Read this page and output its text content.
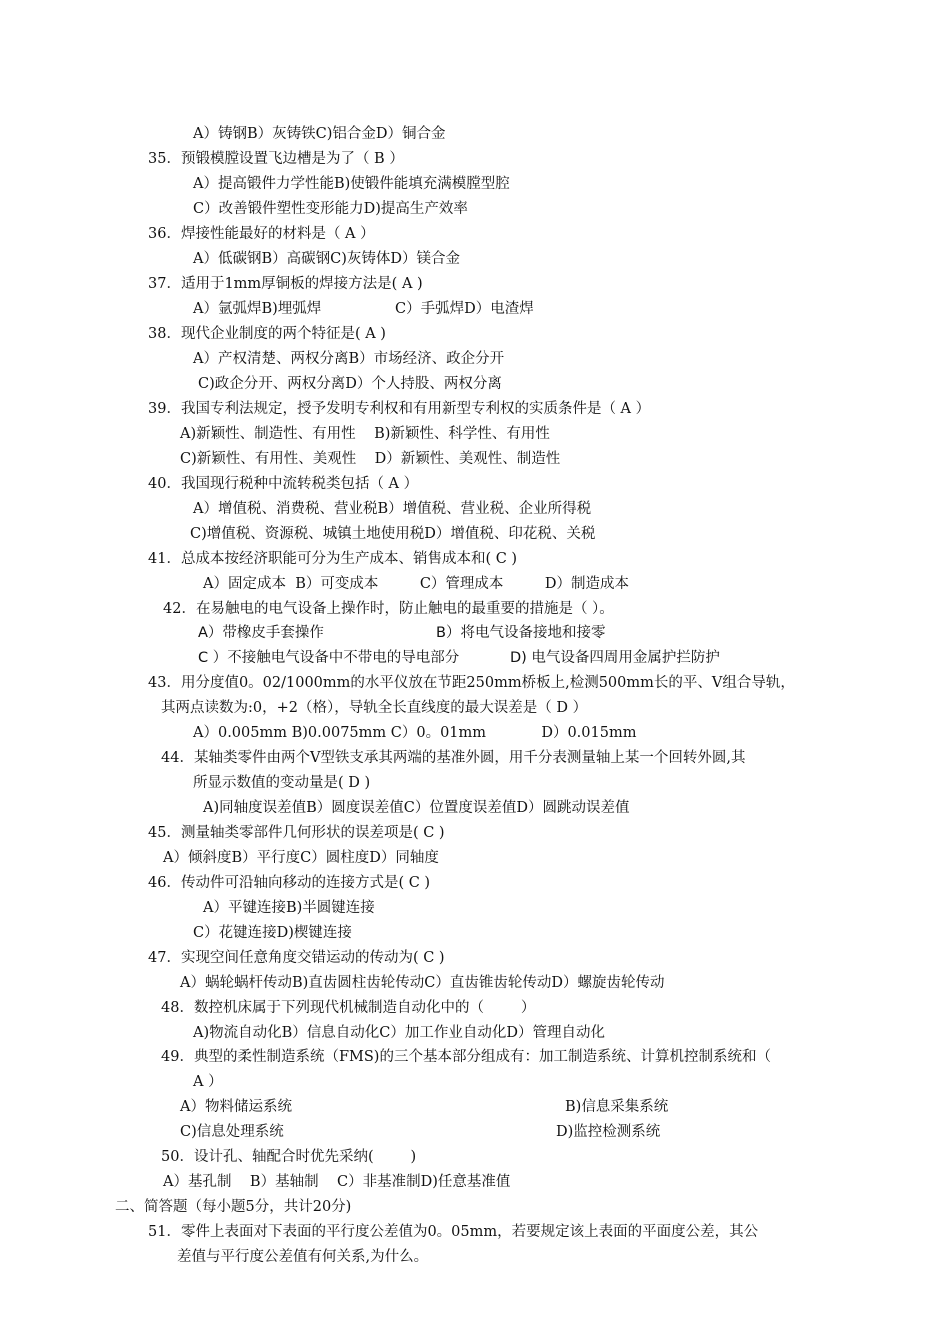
A）铸钢B）灰铸铁C)铝合金D）铜合金
35．预锻模膛设置飞边槽是为了（ B ）
A）提高锻件力学性能B)使锻件能填充满模膛型腔
C）改善锻件塑性变形能力D)提高生产效率
36．焊接性能最好的材料是（ A ）
A）低碳钢B）高碳钢C)灰铸体D）镁合金
37．适用于1mm厚铜板的焊接方法是( A )
A）氩弧焊B)埋弧焊                C）手弧焊D）电渣焊
38．现代企业制度的两个特征是( A )
A）产权清楚、两权分离B）市场经济、政企分开
C)政企分开、两权分离D）个人持股、两权分离
39．我国专利法规定，授予发明专利权和有用新型专利权的实质条件是（ A ）
A)新颖性、制造性、有用性    B)新颖性、科学性、有用性
C)新颖性、有用性、美观性    D）新颖性、美观性、制造性
40．我国现行税种中流转税类包括（ A ）
A）增值税、消费税、营业税B）增值税、营业税、企业所得税
C)增值税、资源税、城镇土地使用税D）增值税、印花税、关税
41．总成本按经济职能可分为生产成本、销售成本和( C )
A）固定成本  B）可变成本         C）管理成本         D）制造成本
42．在易触电的电气设备上操作时，防止触电的最重要的措施是（ ）。
A）带橡皮手套操作	B）将电气设备接地和接零
C ）不接触电气设备中不带电的导电部分	D) 电气设备四周用金属护拦防护
43．用分度值0。02/1000mm的水平仪放在节距250mm桥板上,检测500mm长的平、V组合导轨，
其两点读数为:0，+2（格），导轨全长直线度的最大误差是（ D ）
A）0.005mm B)0.0075mm C）0。01mm            D）0.015mm
44．某轴类零件由两个V型铁支承其两端的基准外圆，用千分表测量轴上某一个回转外圆,其
所显示数值的变动量是( D )
A)同轴度误差值B）圆度误差值C）位置度误差值D）圆跳动误差值
45．测量轴类零部件几何形状的误差项是( C )
A）倾斜度B）平行度C）圆柱度D）同轴度
46．传动件可沿轴向移动的连接方式是( C )
A）平键连接B)半圆键连接
C）花键连接D)楔键连接
47．实现空间任意角度交错运动的传动为( C )
A）蜗轮蜗杆传动B)直齿圆柱齿轮传动C）直齿锥齿轮传动D）螺旋齿轮传动
48．数控机床属于下列现代机械制造自动化中的（        ）
A)物流自动化B）信息自动化C）加工作业自动化D）管理自动化
49．典型的柔性制造系统（FMS)的三个基本部分组成有：加工制造系统、计算机控制系统和（
A ）
A）物料储运系统	B)信息采集系统
C)信息处理系统	D)监控检测系统
50．设计孔、轴配合时优先采纳(        )
A）基孔制    B）基轴制    C）非基准制D)任意基准值
二、简答题（每小题5分，共计20分)
51．零件上表面对下表面的平行度公差值为0。05mm，若要规定该上表面的平面度公差，其公
差值与平行度公差值有何关系,为什么。
